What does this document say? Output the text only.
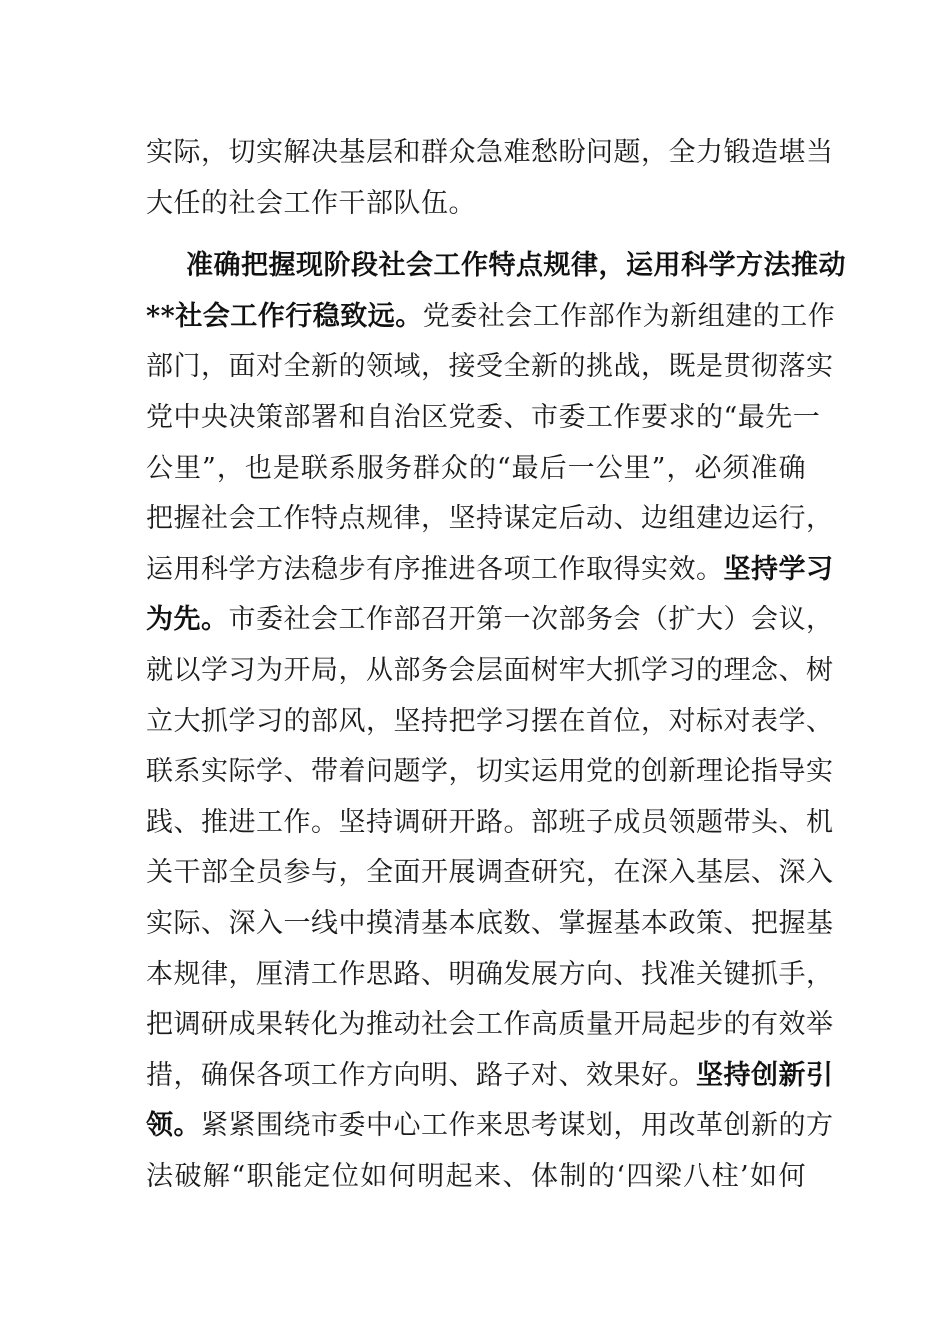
实际，切实解决基层和群众急难愁盼问题，全力锻造堪当
大任的社会工作干部队伍。
准确把握现阶段社会工作特点规律，运用科学方法推动
**社会工作行稳致远。党委社会工作部作为新组建的工作
部门，面对全新的领域，接受全新的挑战，既是贯彻落实
党中央决策部署和自治区党委、市委工作要求的“最先一
公里”，也是联系服务群众的“最后一公里”，必须准确
把握社会工作特点规律，坚持谋定后动、边组建边运行，
运用科学方法稳步有序推进各项工作取得实效。坚持学习
为先。市委社会工作部召开第一次部务会（扩大）会议，
就以学习为开局，从部务会层面树牢大抓学习的理念、树
立大抓学习的部风，坚持把学习摆在首位，对标对表学、
联系实际学、带着问题学，切实运用党的创新理论指导实
践、推进工作。坚持调研开路。部班子成员领题带头、机
关干部全员参与，全面开展调查研究，在深入基层、深入
实际、深入一线中摸清基本底数、掌握基本政策、把握基
本规律，厘清工作思路、明确发展方向、找准关键抓手，
把调研成果转化为推动社会工作高质量开局起步的有效举
措，确保各项工作方向明、路子对、效果好。坚持创新引
领。紧紧围绕市委中心工作来思考谋划，用改革创新的方
法破解“职能定位如何明起来、体制的‘四梁八柱’如何
